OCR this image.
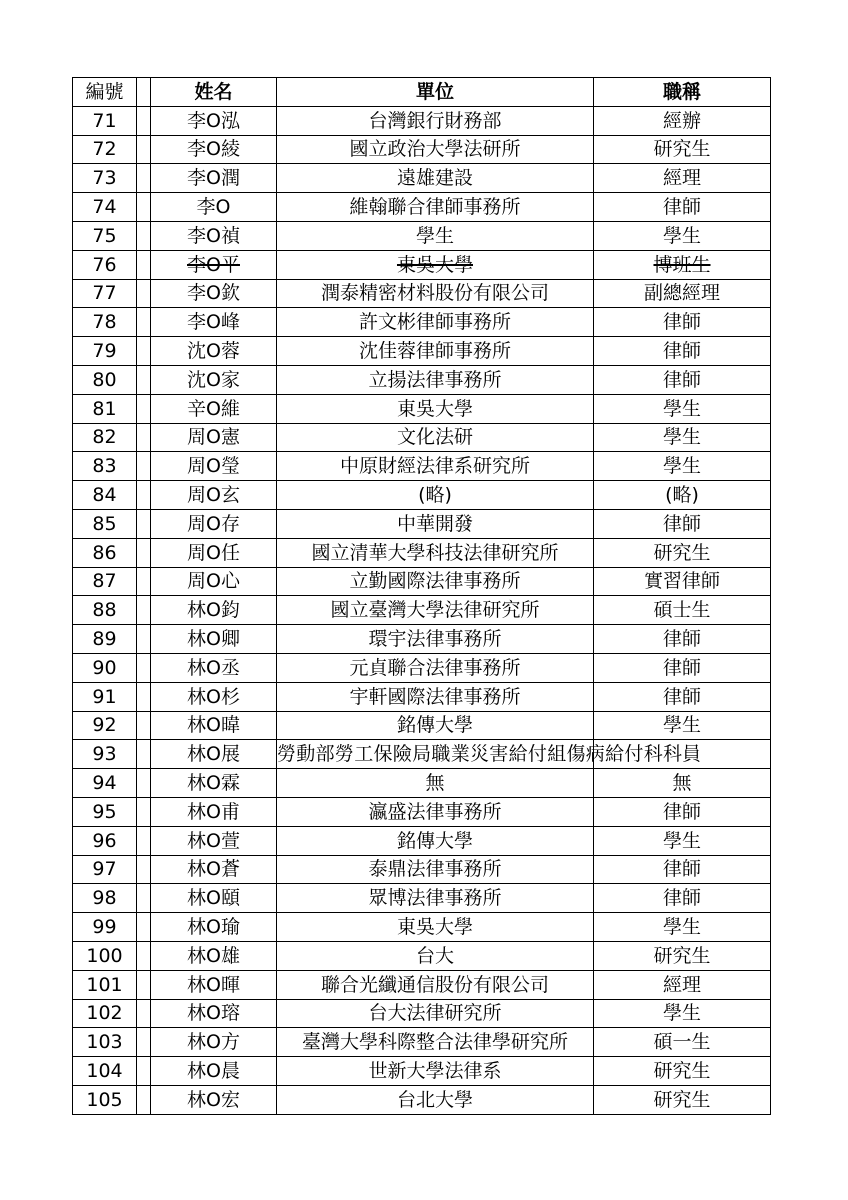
編號		姓名	單位	職稱
71		李O泓	台灣銀行財務部	經辦
72		李O綾	國立政治大學法研所	研究生
73		李O潤	遠雄建設	經理
74		李O	維翰聯合律師事務所	律師
75		李O禎	學生	學生
76		李O平	東吳大學	博班生
77		李O欽	潤泰精密材料股份有限公司	副總經理
78		李O峰	許文彬律師事務所	律師
79		沈O蓉	沈佳蓉律師事務所	律師
80		沈O家	立揚法律事務所	律師
81		辛O維	東吳大學	學生
82		周O憲	文化法研	學生
83		周O瑩	中原財經法律系研究所	學生
84		周O玄	(略)	(略)
85		周O存	中華開發	律師
86		周O任	國立清華大學科技法律研究所	研究生
87		周O心	立勤國際法律事務所	實習律師
88		林O鈞	國立臺灣大學法律研究所	碩士生
89		林O卿	環宇法律事務所	律師
90		林O丞	元貞聯合法律事務所	律師
91		林O杉	宇軒國際法律事務所	律師
92		林O暐	銘傳大學	學生
93		林O展	勞動部勞工保險局職業災害給付組傷病給付科	科員
94		林O霖	無	無
95		林O甫	瀛盛法律事務所	律師
96		林O萱	銘傳大學	學生
97		林O蒼	泰鼎法律事務所	律師
98		林O頤	眾博法律事務所	律師
99		林O瑜	東吳大學	學生
100		林O雄	台大	研究生
101		林O暉	聯合光纖通信股份有限公司	經理
102		林O瑢	台大法律研究所	學生
103		林O方	臺灣大學科際整合法律學研究所	碩一生
104		林O晨	世新大學法律系	研究生
105		林O宏	台北大學	研究生
